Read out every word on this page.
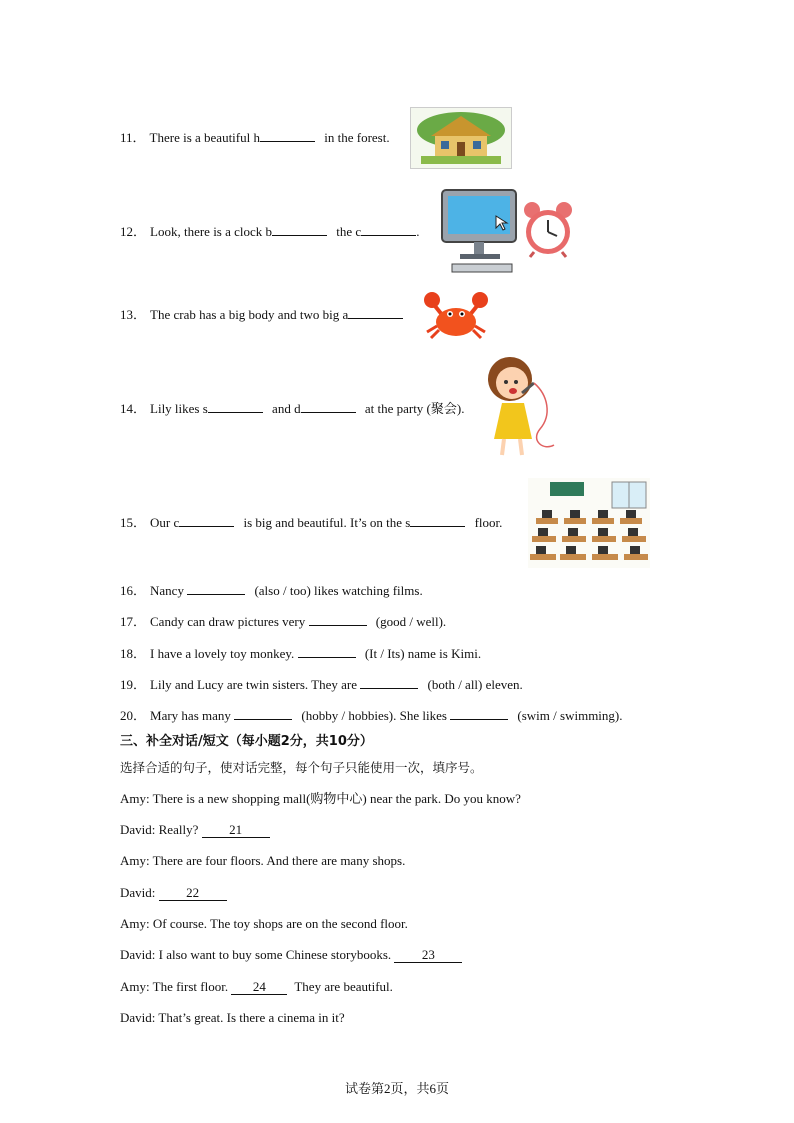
11． There is a beautiful h	in the forest.
12． Look, there is a clock b	the c	.
13． The crab has a big body and two big a
14． Lily likes s	and d	at the party (聚会).
15． Our c	is big and beautiful. It’s on the s	floor.
16． Nancy	(also / too) likes watching films.
17． Candy can draw pictures very	(good / well).
18． I have a lovely toy monkey.	(It / Its) name is Kimi.
19． Lily and Lucy are twin sisters. They are	(both / all) eleven.
20． Mary has many	(hobby / hobbies). She likes	(swim / swimming).
三、补全对话/短文（每小题2分，共10分）
选择合适的句子，使对话完整，每个句子只能使用一次，填序号。
Amy: There is a new shopping mall(购物中心) near the park. Do you know?
David: Really? 21
Amy: There are four floors. And there are many shops.
David: 22
Amy: Of course. The toy shops are on the second floor.
David: I also want to buy some Chinese storybooks. 23
Amy: The first floor. 24 They are beautiful.
David: That’s great. Is there a cinema in it?
试卷第2页，共6页
